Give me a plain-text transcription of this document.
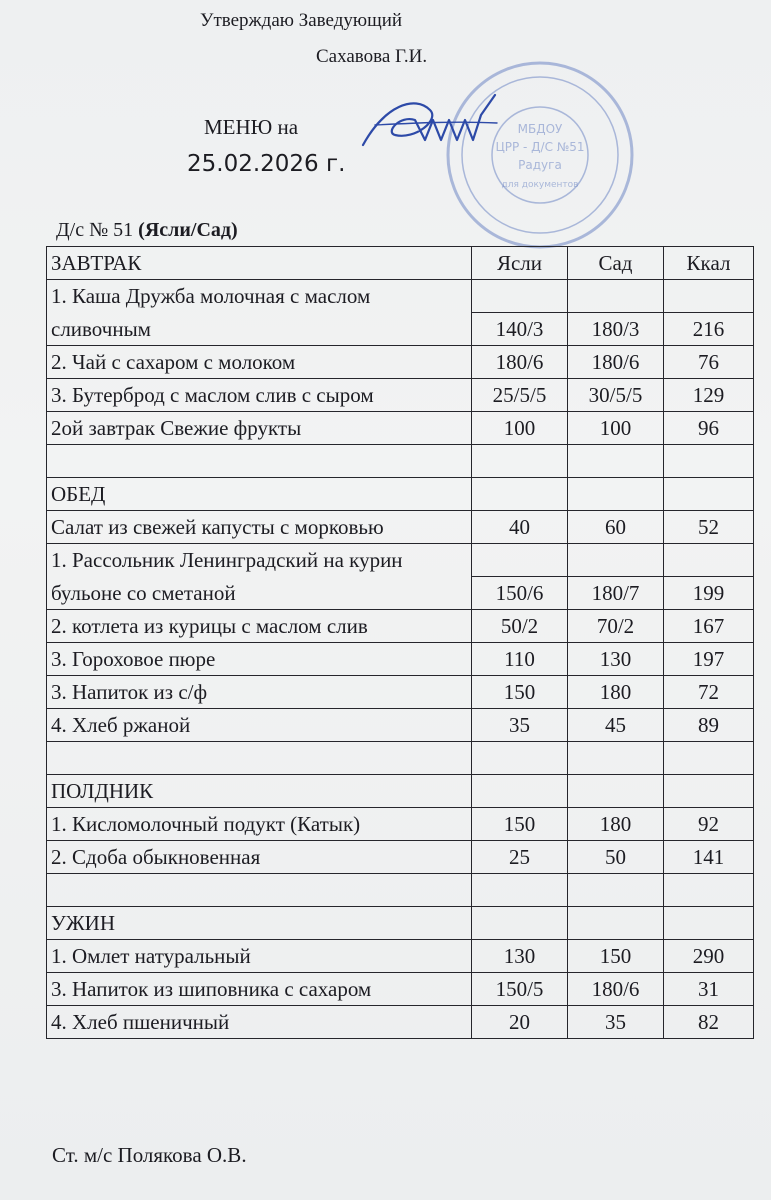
Утверждаю Заведующий
Сахавова Г.И.
МБДОУ
ЦРР - Д/С №51
Радуга
для документов
МЕНЮ на
25.02.2026 г.
Д/с № 51 (Ясли/Сад)
ЗАВТРАК	Ясли	Сад	Ккал
1. Каша Дружба молочная с маслом			
сливочным	140/3	180/3	216
2. Чай с сахаром с молоком	180/6	180/6	76
3. Бутерброд с маслом слив с сыром	25/5/5	30/5/5	129
2ой завтрак Свежие фрукты	100	100	96

ОБЕД			
Салат из свежей капусты с морковью	40	60	52
1. Рассольник Ленинградский на курин			
бульоне со сметаной	150/6	180/7	199
2. котлета из курицы с маслом слив	50/2	70/2	167
3. Гороховое пюре	110	130	197
3. Напиток из с/ф	150	180	72
4. Хлеб ржаной	35	45	89

ПОЛДНИК			
1. Кисломолочный подукт (Катык)	150	180	92
2. Сдоба обыкновенная	25	50	141

УЖИН			
1. Омлет натуральный	130	150	290
3. Напиток из шиповника с сахаром	150/5	180/6	31
4. Хлеб пшеничный	20	35	82
Ст. м/с Полякова О.В.
